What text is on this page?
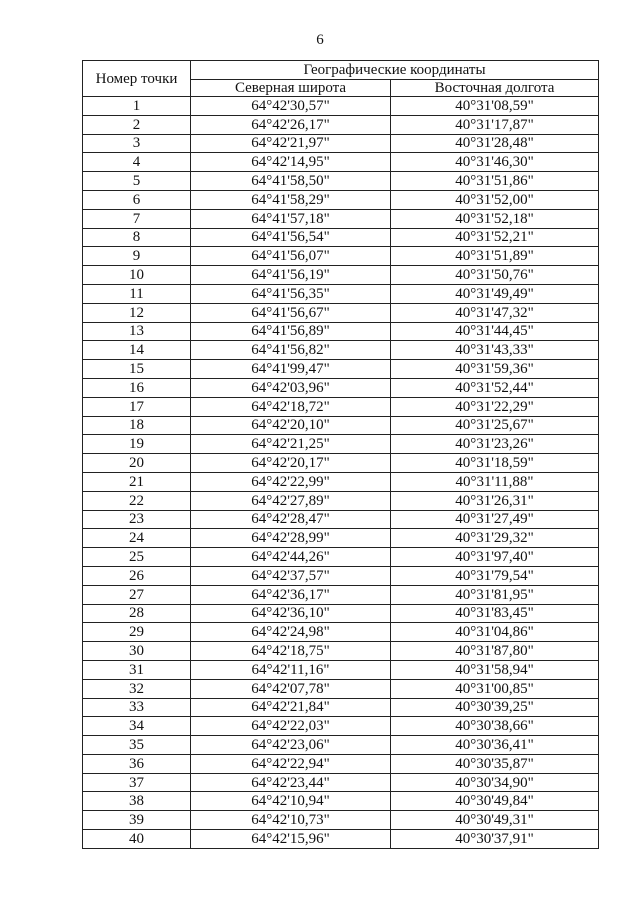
6
Номер точки	Географические координаты	
	Северная широта	Восточная долгота
1	64°42'30,57"	40°31'08,59"
2	64°42'26,17"	40°31'17,87"
3	64°42'21,97"	40°31'28,48"
4	64°42'14,95"	40°31'46,30"
5	64°41'58,50"	40°31'51,86"
6	64°41'58,29"	40°31'52,00"
7	64°41'57,18"	40°31'52,18"
8	64°41'56,54"	40°31'52,21"
9	64°41'56,07"	40°31'51,89"
10	64°41'56,19"	40°31'50,76"
11	64°41'56,35"	40°31'49,49"
12	64°41'56,67"	40°31'47,32"
13	64°41'56,89"	40°31'44,45"
14	64°41'56,82"	40°31'43,33"
15	64°41'99,47"	40°31'59,36"
16	64°42'03,96"	40°31'52,44"
17	64°42'18,72"	40°31'22,29"
18	64°42'20,10"	40°31'25,67"
19	64°42'21,25"	40°31'23,26"
20	64°42'20,17"	40°31'18,59"
21	64°42'22,99"	40°31'11,88"
22	64°42'27,89"	40°31'26,31"
23	64°42'28,47"	40°31'27,49"
24	64°42'28,99"	40°31'29,32"
25	64°42'44,26"	40°31'97,40"
26	64°42'37,57"	40°31'79,54"
27	64°42'36,17"	40°31'81,95"
28	64°42'36,10"	40°31'83,45"
29	64°42'24,98"	40°31'04,86"
30	64°42'18,75"	40°31'87,80"
31	64°42'11,16"	40°31'58,94"
32	64°42'07,78"	40°31'00,85"
33	64°42'21,84"	40°30'39,25"
34	64°42'22,03"	40°30'38,66"
35	64°42'23,06"	40°30'36,41"
36	64°42'22,94"	40°30'35,87"
37	64°42'23,44"	40°30'34,90"
38	64°42'10,94"	40°30'49,84"
39	64°42'10,73"	40°30'49,31"
40	64°42'15,96"	40°30'37,91"
